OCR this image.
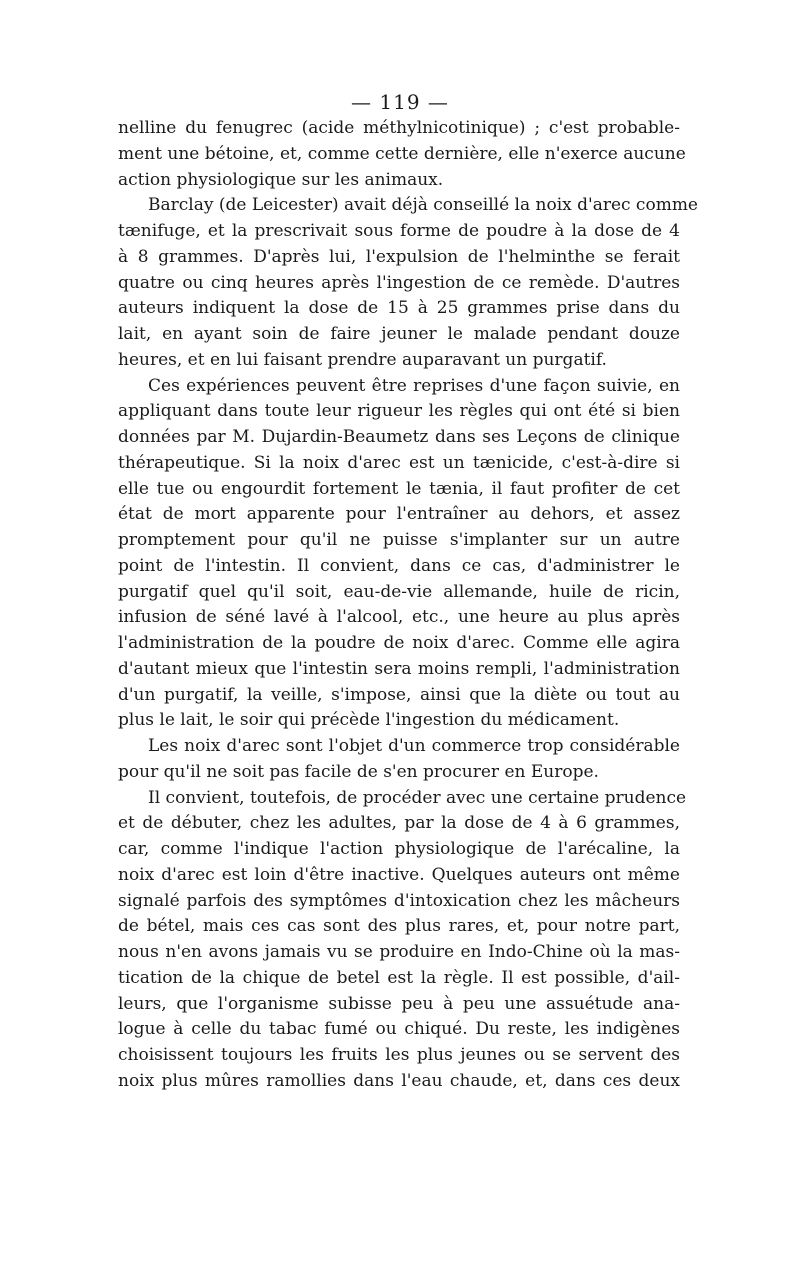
— 119 —
nelline du fenugrec (acide méthylnicotinique) ; c'est probable-
ment une bétoine, et, comme cette dernière, elle n'exerce aucune
action physiologique sur les animaux.
Barclay (de Leicester) avait déjà conseillé la noix d'arec comme
tænifuge, et la prescrivait sous forme de poudre à la dose de 4
à 8 grammes. D'après lui, l'expulsion de l'helminthe se ferait
quatre ou cinq heures après l'ingestion de ce remède. D'autres
auteurs indiquent la dose de 15 à 25 grammes prise dans du
lait, en ayant soin de faire jeuner le malade pendant douze
heures, et en lui faisant prendre auparavant un purgatif.
Ces expériences peuvent être reprises d'une façon suivie, en
appliquant dans toute leur rigueur les règles qui ont été si bien
données par M. Dujardin-Beaumetz dans ses Leçons de clinique
thérapeutique. Si la noix d'arec est un tænicide, c'est-à-dire si
elle tue ou engourdit fortement le tænia, il faut profiter de cet
état de mort apparente pour l'entraîner au dehors, et assez
promptement pour qu'il ne puisse s'implanter sur un autre
point de l'intestin. Il convient, dans ce cas, d'administrer le
purgatif quel qu'il soit, eau-de-vie allemande, huile de ricin,
infusion de séné lavé à l'alcool, etc., une heure au plus après
l'administration de la poudre de noix d'arec. Comme elle agira
d'autant mieux que l'intestin sera moins rempli, l'administration
d'un purgatif, la veille, s'impose, ainsi que la diète ou tout au
plus le lait, le soir qui précède l'ingestion du médicament.
Les noix d'arec sont l'objet d'un commerce trop considérable
pour qu'il ne soit pas facile de s'en procurer en Europe.
Il convient, toutefois, de procéder avec une certaine prudence
et de débuter, chez les adultes, par la dose de 4 à 6 grammes,
car, comme l'indique l'action physiologique de l'arécaline, la
noix d'arec est loin d'être inactive. Quelques auteurs ont même
signalé parfois des symptômes d'intoxication chez les mâcheurs
de bétel, mais ces cas sont des plus rares, et, pour notre part,
nous n'en avons jamais vu se produire en Indo-Chine où la mas-
tication de la chique de betel est la règle. Il est possible, d'ail-
leurs, que l'organisme subisse peu à peu une assuétude ana-
logue à celle du tabac fumé ou chiqué. Du reste, les indigènes
choisissent toujours les fruits les plus jeunes ou se servent des
noix plus mûres ramollies dans l'eau chaude, et, dans ces deux
